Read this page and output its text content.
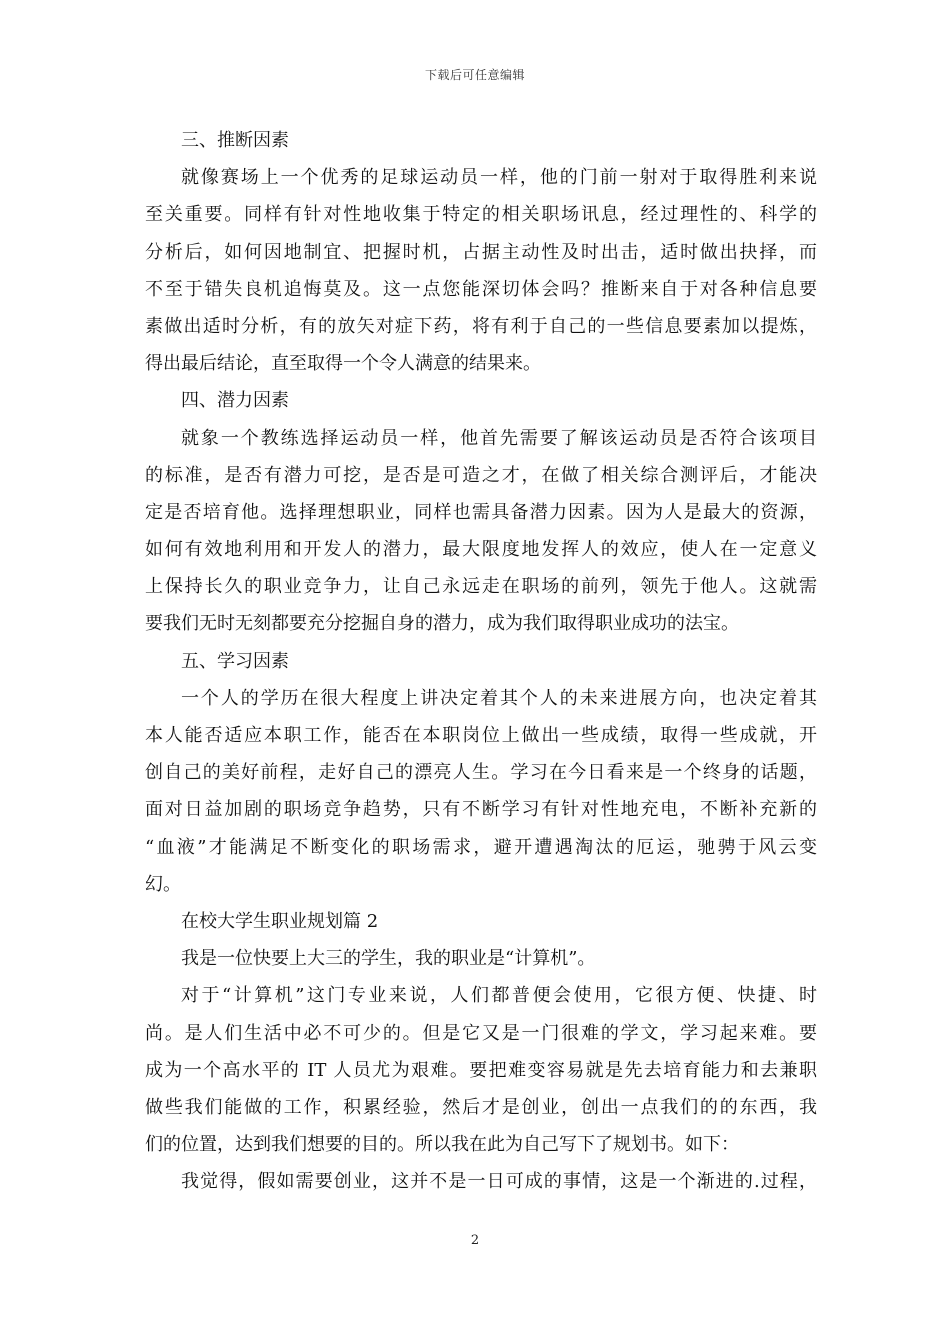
下载后可任意编辑
三、推断因素
就像赛场上一个优秀的足球运动员一样，他的门前一射对于取得胜利来说
至关重要。同样有针对性地收集于特定的相关职场讯息，经过理性的、科学的
分析后，如何因地制宜、把握时机，占据主动性及时出击，适时做出抉择，而
不至于错失良机追悔莫及。这一点您能深切体会吗？推断来自于对各种信息要
素做出适时分析，有的放矢对症下药，将有利于自己的一些信息要素加以提炼，
得出最后结论，直至取得一个令人满意的结果来。
四、潜力因素
就象一个教练选择运动员一样，他首先需要了解该运动员是否符合该项目
的标准，是否有潜力可挖，是否是可造之才，在做了相关综合测评后，才能决
定是否培育他。选择理想职业，同样也需具备潜力因素。因为人是最大的资源，
如何有效地利用和开发人的潜力，最大限度地发挥人的效应，使人在一定意义
上保持长久的职业竞争力，让自己永远走在职场的前列，领先于他人。这就需
要我们无时无刻都要充分挖掘自身的潜力，成为我们取得职业成功的法宝。
五、学习因素
一个人的学历在很大程度上讲决定着其个人的未来进展方向，也决定着其
本人能否适应本职工作，能否在本职岗位上做出一些成绩，取得一些成就，开
创自己的美好前程，走好自己的漂亮人生。学习在今日看来是一个终身的话题，
面对日益加剧的职场竞争趋势，只有不断学习有针对性地充电，不断补充新的
“血液”才能满足不断变化的职场需求，避开遭遇淘汰的厄运，驰骋于风云变
幻。
在校大学生职业规划篇 2
我是一位快要上大三的学生，我的职业是“计算机”。
对于“计算机”这门专业来说，人们都普便会使用，它很方便、快捷、时
尚。是人们生活中必不可少的。但是它又是一门很难的学文，学习起来难。要
成为一个高水平的 IT 人员尤为艰难。要把难变容易就是先去培育能力和去兼职
做些我们能做的工作，积累经验，然后才是创业，创出一点我们的的东西，我
们的位置，达到我们想要的目的。所以我在此为自己写下了规划书。如下：
我觉得，假如需要创业，这并不是一日可成的事情，这是一个渐进的.过程，
2
